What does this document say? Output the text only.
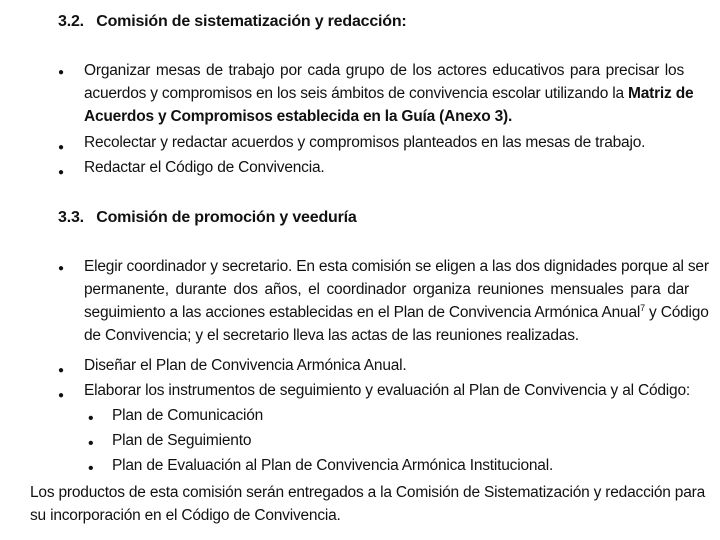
3.2. Comisión de sistematización y redacción:
●
Organizar mesas de trabajo por cada grupo de los actores educativos para precisar los
acuerdos y compromisos en los seis ámbitos de convivencia escolar utilizando la Matriz de
Acuerdos y Compromisos establecida en la Guía (Anexo 3).
●
Recolectar y redactar acuerdos y compromisos planteados en las mesas de trabajo.
●
Redactar el Código de Convivencia.
3.3. Comisión de promoción y veeduría
●
Elegir coordinador y secretario. En esta comisión se eligen a las dos dignidades porque al ser
permanente, durante dos años, el coordinador organiza reuniones mensuales para dar
seguimiento a las acciones establecidas en el Plan de Convivencia Armónica Anual$^7$ y Código
de Convivencia; y el secretario lleva las actas de las reuniones realizadas.
●
Diseñar el Plan de Convivencia Armónica Anual.
●
Elaborar los instrumentos de seguimiento y evaluación al Plan de Convivencia y al Código:
•
Plan de Comunicación
•
Plan de Seguimiento
•
Plan de Evaluación al Plan de Convivencia Armónica Institucional.
Los productos de esta comisión serán entregados a la Comisión de Sistematización y redacción para
su incorporación en el Código de Convivencia.
